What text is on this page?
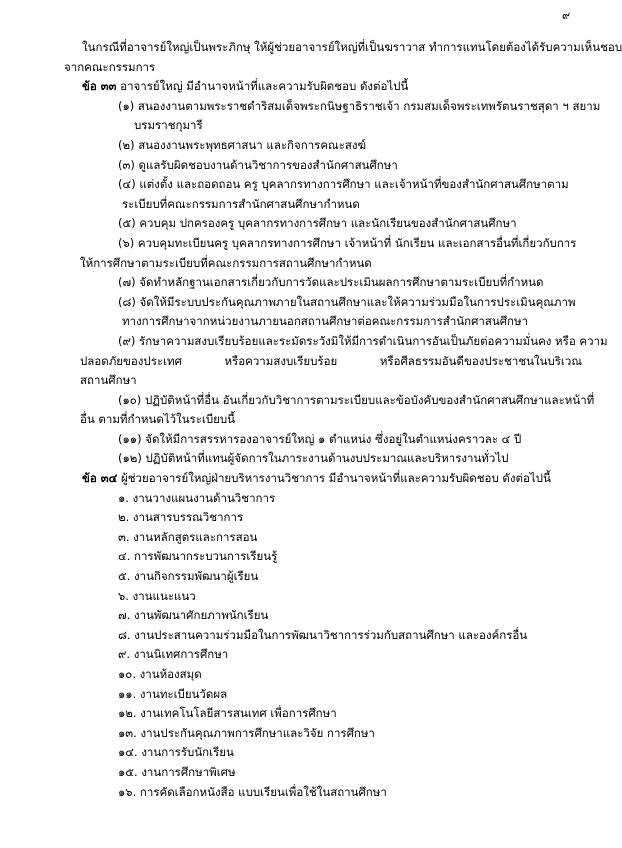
๙
ในกรณีที่อาจารย์ใหญ่เป็นพระภิกษุ ให้ผู้ช่วยอาจารย์ใหญ่ที่เป็นฆราวาส ทำการแทนโดยต้องได้รับความเห็นชอบ
จากคณะกรรมการ
ข้อ ๓๓ อาจารย์ใหญ่ มีอำนาจหน้าที่และความรับผิดชอบ ดังต่อไปนี้
(๑) สนองงานตามพระราชดำริสมเด็จพระกนิษฐาธิราชเจ้า กรมสมเด็จพระเทพรัตนราชสุดา ฯ สยาม
บรมราชกุมารี
(๒) สนองงานพระพุทธศาสนา และกิจการคณะสงฆ์
(๓) ดูแลรับผิดชอบงานด้านวิชาการของสำนักศาสนศึกษา
(๔) แต่งตั้ง และถอดถอน ครู บุคลากรทางการศึกษา และเจ้าหน้าที่ของสำนักศาสนศึกษาตาม
ระเบียบที่คณะกรรมการสำนักศาสนศึกษากำหนด
(๕) ควบคุม ปกครองครู บุคลากรทางการศึกษา และนักเรียนของสำนักศาสนศึกษา
(๖) ควบคุมทะเบียนครู บุคลากรทางการศึกษา เจ้าหน้าที่ นักเรียน และเอกสารอื่นที่เกี่ยวกับการ
ให้การศึกษาตามระเบียบที่คณะกรรมการสถานศึกษากำหนด
(๗) จัดทำหลักฐานเอกสารเกี่ยวกับการวัดและประเมินผลการศึกษาตามระเบียบที่กำหนด
(๘) จัดให้มีระบบประกันคุณภาพภายในสถานศึกษาและให้ความร่วมมือในการประเมินคุณภาพ
ทางการศึกษาจากหน่วยงานภายนอกสถานศึกษาต่อคณะกรรมการสำนักศาสนศึกษา
(๙) รักษาความสงบเรียบร้อยและระมัดระวังมิให้มีการดำเนินการอันเป็นภัยต่อความมั่นคง หรือ ความ
ปลอดภัยของประเทศ หรือความสงบเรียบร้อย หรือศีลธรรมอันดีของประชาชนในบริเวณ
สถานศึกษา
(๑๐) ปฏิบัติหน้าที่อื่น อันเกี่ยวกับวิชาการตามระเบียบและข้อบังคับของสำนักศาสนศึกษาและหน้าที่
อื่น ตามที่กำหนดไว้ในระเบียบนี้
(๑๑) จัดให้มีการสรรหารองอาจารย์ใหญ่ ๑ ตำแหน่ง ซึ่งอยู่ในตำแหน่งคราวละ ๔ ปี
(๑๒) ปฏิบัติหน้าที่แทนผู้จัดการในภาระงานด้านงบประมาณและบริหารงานทั่วไป
ข้อ ๓๔ ผู้ช่วยอาจารย์ใหญ่ฝ่ายบริหารงานวิชาการ มีอำนาจหน้าที่และความรับผิดชอบ ดังต่อไปนี้
๑. งานวางแผนงานด้านวิชาการ
๒. งานสารบรรณวิชาการ
๓. งานหลักสูตรและการสอน
๔. การพัฒนากระบวนการเรียนรู้
๕. งานกิจกรรมพัฒนาผู้เรียน
๖. งานแนะแนว
๗. งานพัฒนาศักยภาพนักเรียน
๘. งานประสานความร่วมมือในการพัฒนาวิชาการร่วมกับสถานศึกษา และองค์กรอื่น
๙. งานนิเทศการศึกษา
๑๐. งานห้องสมุด
๑๑. งานทะเบียนวัดผล
๑๒. งานเทคโนโลยีสารสนเทศ เพื่อการศึกษา
๑๓. งานประกันคุณภาพการศึกษาและวิจัย การศึกษา
๑๔. งานการรับนักเรียน
๑๕. งานการศึกษาพิเศษ
๑๖. การคัดเลือกหนังสือ แบบเรียนเพื่อใช้ในสถานศึกษา
